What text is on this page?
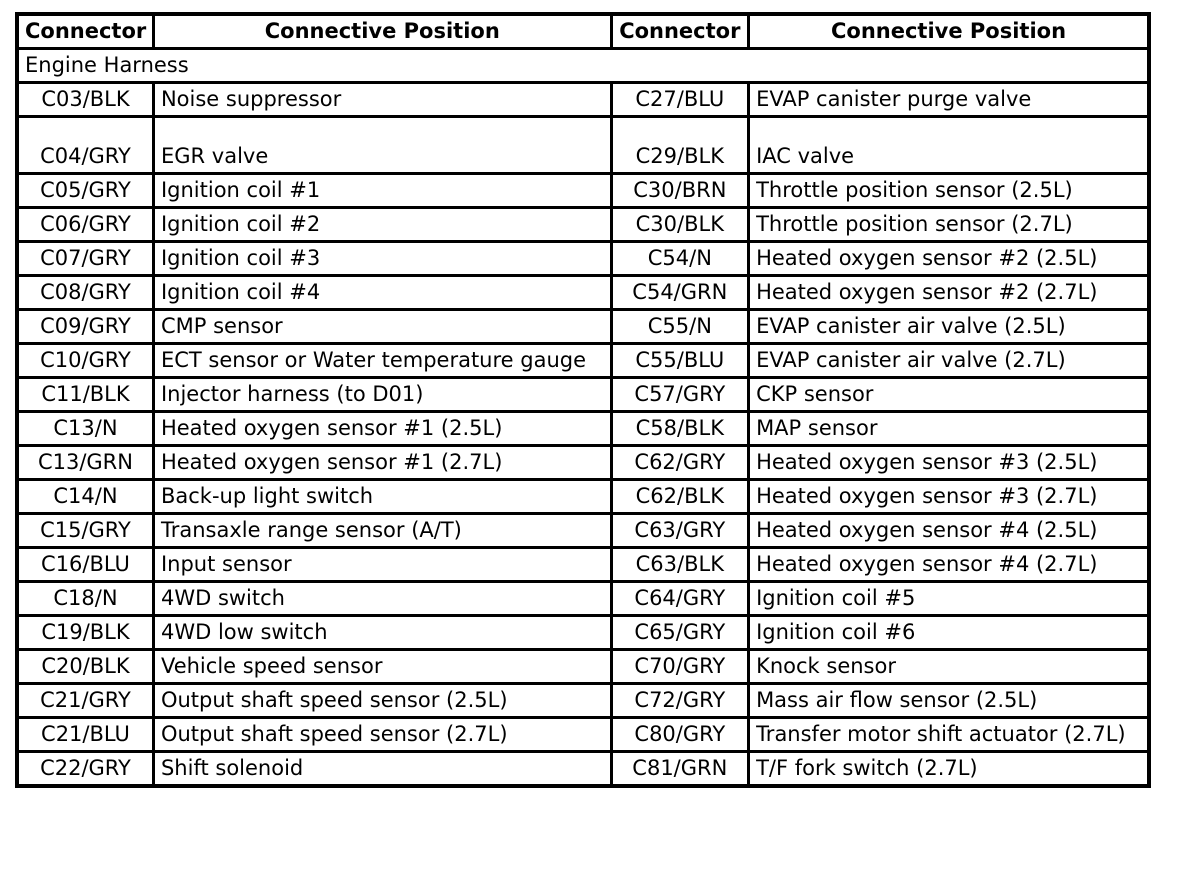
Connector	Connective Position	Connector	Connective Position
Engine Harness			
C03/BLK	Noise suppressor	C27/BLU	EVAP canister purge valve
C04/GRY	EGR valve	C29/BLK	IAC valve
C05/GRY	Ignition coil #1	C30/BRN	Throttle position sensor (2.5L)
C06/GRY	Ignition coil #2	C30/BLK	Throttle position sensor (2.7L)
C07/GRY	Ignition coil #3	C54/N	Heated oxygen sensor #2 (2.5L)
C08/GRY	Ignition coil #4	C54/GRN	Heated oxygen sensor #2 (2.7L)
C09/GRY	CMP sensor	C55/N	EVAP canister air valve (2.5L)
C10/GRY	ECT sensor or Water temperature gauge	C55/BLU	EVAP canister air valve (2.7L)
C11/BLK	Injector harness (to D01)	C57/GRY	CKP sensor
C13/N	Heated oxygen sensor #1 (2.5L)	C58/BLK	MAP sensor
C13/GRN	Heated oxygen sensor #1 (2.7L)	C62/GRY	Heated oxygen sensor #3 (2.5L)
C14/N	Back-up light switch	C62/BLK	Heated oxygen sensor #3 (2.7L)
C15/GRY	Transaxle range sensor (A/T)	C63/GRY	Heated oxygen sensor #4 (2.5L)
C16/BLU	Input sensor	C63/BLK	Heated oxygen sensor #4 (2.7L)
C18/N	4WD switch	C64/GRY	Ignition coil #5
C19/BLK	4WD low switch	C65/GRY	Ignition coil #6
C20/BLK	Vehicle speed sensor	C70/GRY	Knock sensor
C21/GRY	Output shaft speed sensor (2.5L)	C72/GRY	Mass air flow sensor (2.5L)
C21/BLU	Output shaft speed sensor (2.7L)	C80/GRY	Transfer motor shift actuator (2.7L)
C22/GRY	Shift solenoid	C81/GRN	T/F fork switch (2.7L)
